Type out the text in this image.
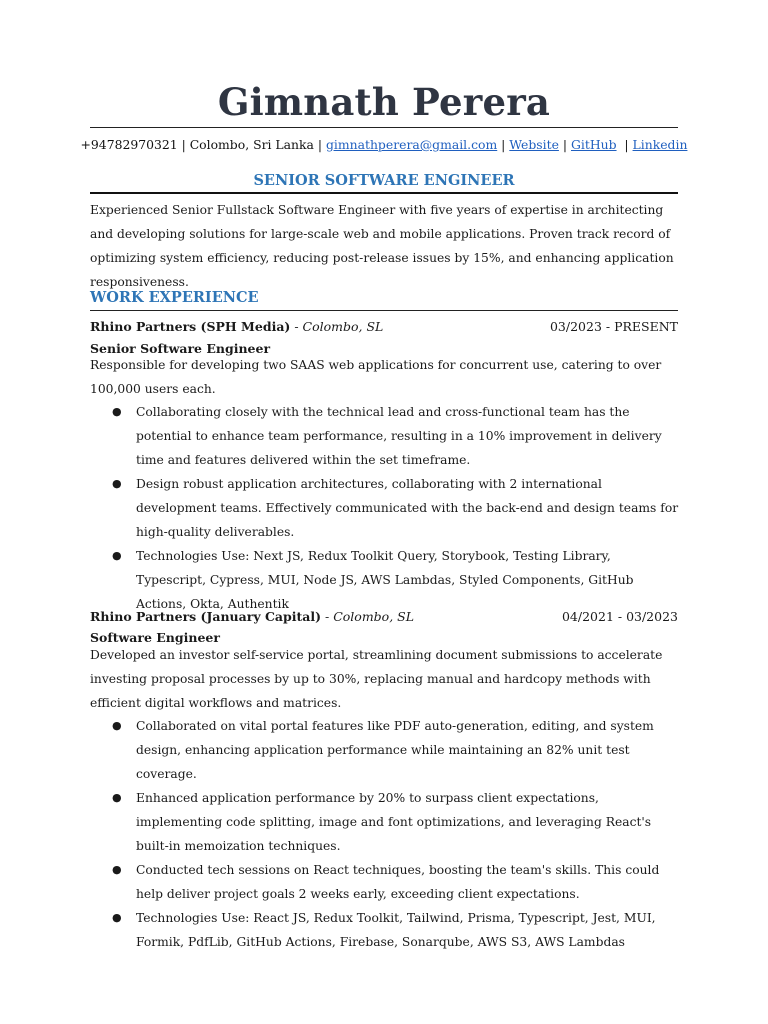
Gimnath Perera
+94782970321 | Colombo, Sri Lanka | gimnathperera@gmail.com | Website | GitHub  | Linkedin
SENIOR SOFTWARE ENGINEER
Experienced Senior Fullstack Software Engineer with five years of expertise in architecting and developing solutions for large-scale web and mobile applications. Proven track record of optimizing system efficiency, reducing post-release issues by 15%, and enhancing application responsiveness.
WORK EXPERIENCE
Rhino Partners (SPH Media) - Colombo, SL	03/2023 - PRESENT
Senior Software Engineer
Responsible for developing two SAAS web applications for concurrent use, catering to over 100,000 users each.
● Collaborating closely with the technical lead and cross-functional team has the potential to enhance team performance, resulting in a 10% improvement in delivery time and features delivered within the set timeframe.
● Design robust application architectures, collaborating with 2 international development teams. Effectively communicated with the back-end and design teams for high-quality deliverables.
● Technologies Use: Next JS, Redux Toolkit Query, Storybook, Testing Library, Typescript, Cypress, MUI, Node JS, AWS Lambdas, Styled Components, GitHub Actions, Okta, Authentik
Rhino Partners (January Capital) - Colombo, SL	04/2021 - 03/2023
Software Engineer
Developed an investor self-service portal, streamlining document submissions to accelerate investing proposal processes by up to 30%, replacing manual and hardcopy methods with efficient digital workflows and matrices.
● Collaborated on vital portal features like PDF auto-generation, editing, and system design, enhancing application performance while maintaining an 82% unit test coverage.
● Enhanced application performance by 20% to surpass client expectations, implementing code splitting, image and font optimizations, and leveraging React's built-in memoization techniques.
● Conducted tech sessions on React techniques, boosting the team's skills. This could help deliver project goals 2 weeks early, exceeding client expectations.
● Technologies Use: React JS, Redux Toolkit, Tailwind, Prisma, Typescript, Jest, MUI, Formik, PdfLib, GitHub Actions, Firebase, Sonarqube, AWS S3, AWS Lambdas
